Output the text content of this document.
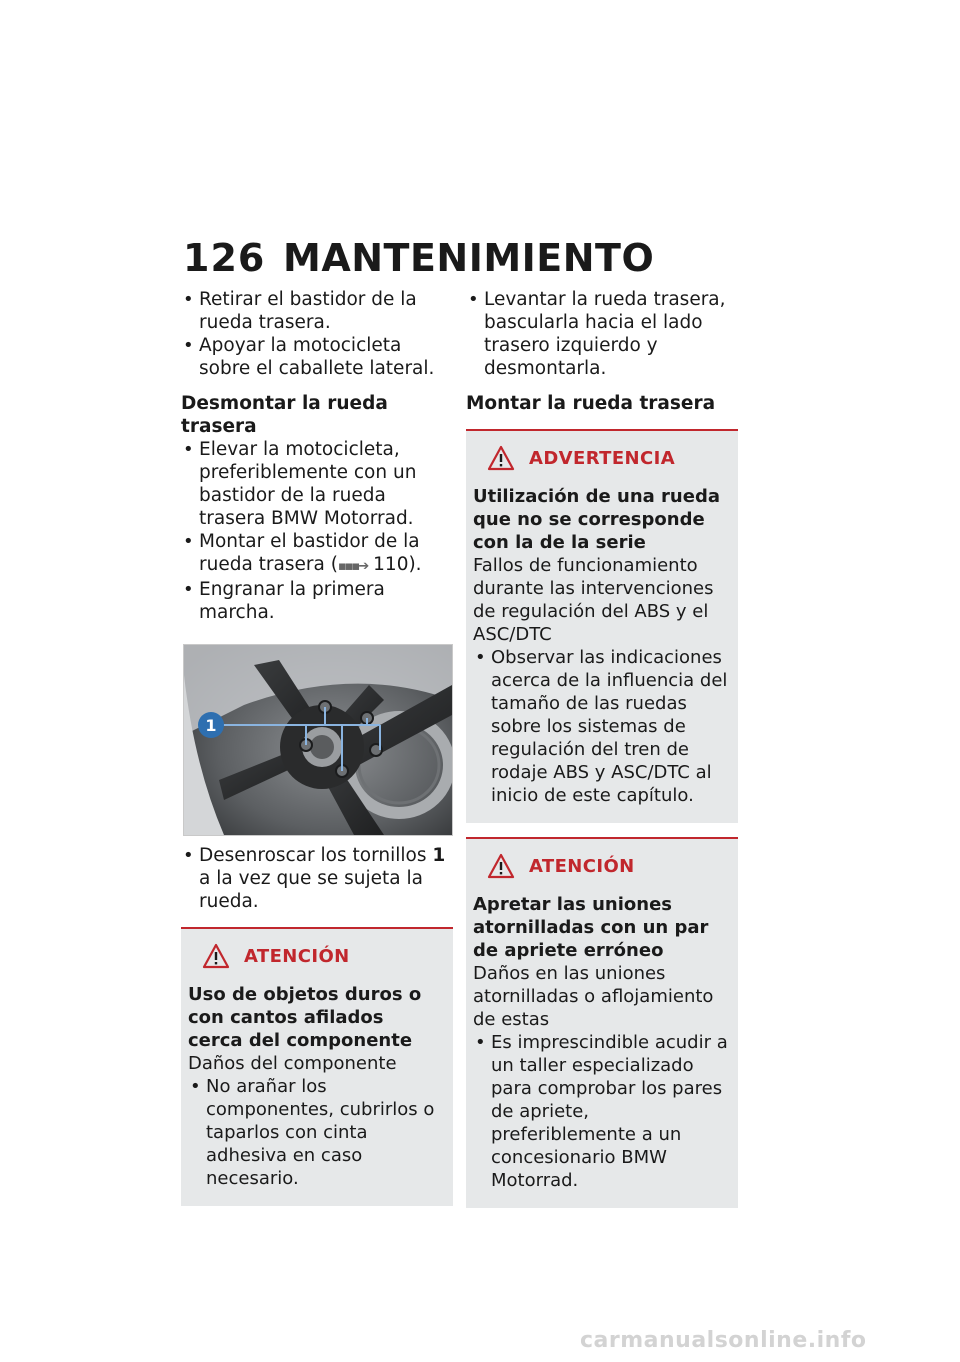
126 MANTENIMIENTO

• Retirar el bastidor de la rueda trasera.

• Apoyar la motocicleta sobre el caballete lateral.

Desmontar la rueda trasera

• Elevar la motocicleta, preferiblemente con un bastidor de la rueda trasera BMW Motorrad.

• Montar el bastidor de la rueda trasera (▪▪▪➔ 110).

• Engranar la primera marcha.

1

• Desenroscar los tornillos 1 a la vez que se sujeta la rueda.

ATENCIÓN

Uso de objetos duros o con cantos afilados cerca del componente

Daños del componente

• No arañar los componentes, cubrirlos o taparlos con cinta adhesiva en caso necesario.

• Levantar la rueda trasera, bascularla hacia el lado trasero izquierdo y desmontarla.

Montar la rueda trasera

ADVERTENCIA

Utilización de una rueda que no se corresponde con la de la serie

Fallos de funcionamiento durante las intervenciones de regulación del ABS y el ASC/DTC

• Observar las indicaciones acerca de la influencia del tamaño de las ruedas sobre los sistemas de regulación del tren de rodaje ABS y ASC/DTC al inicio de este capítulo.

ATENCIÓN

Apretar las uniones atornilladas con un par de apriete erróneo

Daños en las uniones atornilladas o aflojamiento de estas

• Es imprescindible acudir a un taller especializado para comprobar los pares de apriete, preferiblemente a un concesionario BMW Motorrad.

carmanualsonline.info
